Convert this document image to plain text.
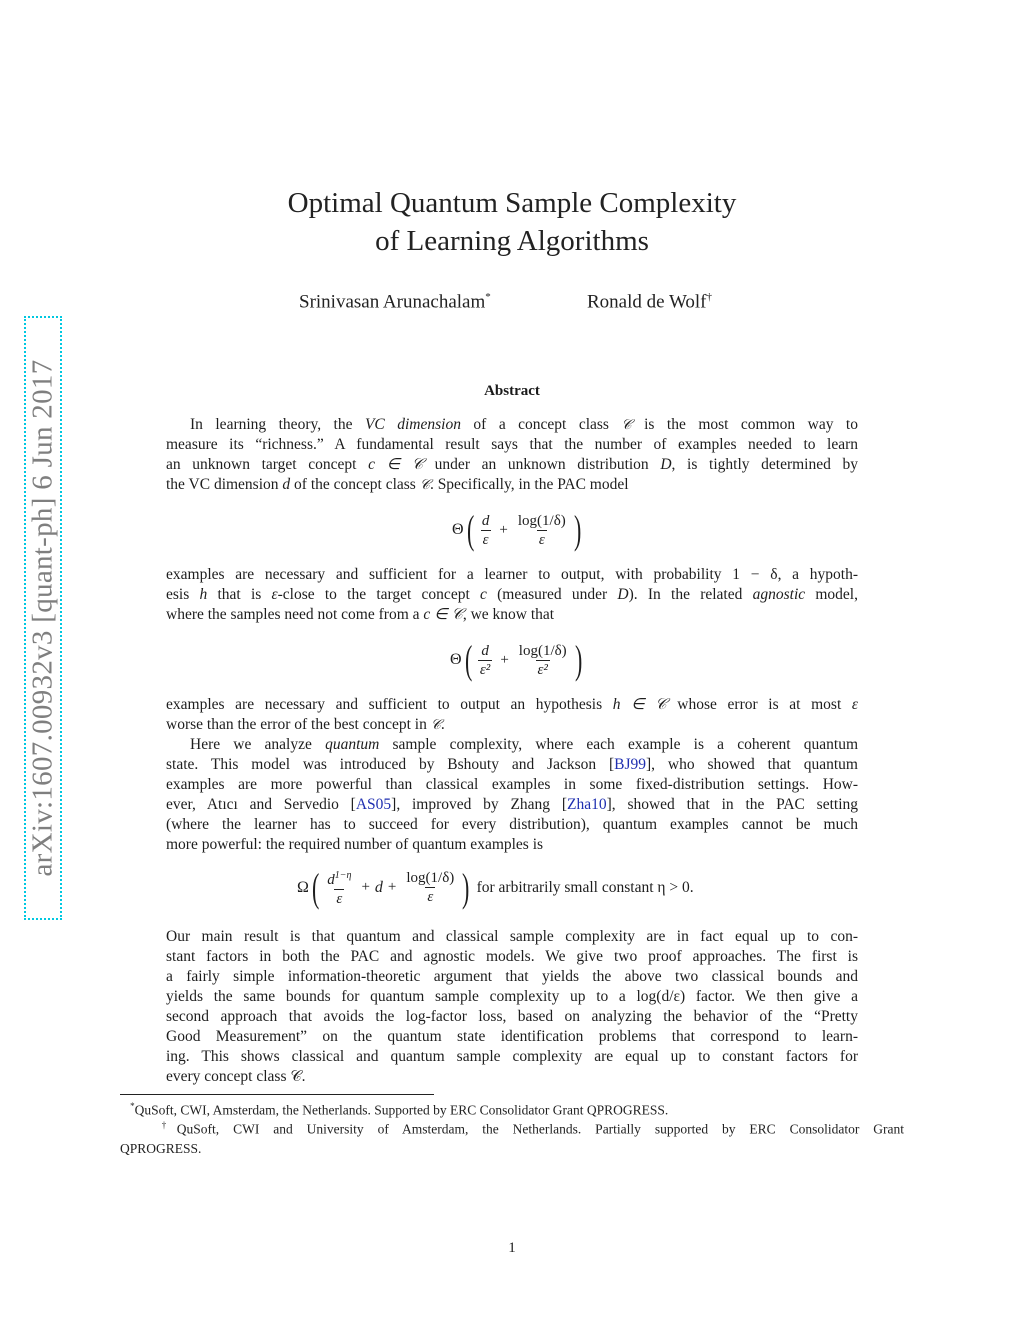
arXiv:1607.00932v3 [quant-ph] 6 Jun 2017
Optimal Quantum Sample Complexity
of Learning Algorithms
Srinivasan Arunachalam*	Ronald de Wolf†
Abstract
In learning theory, the VC dimension of a concept class 𝒞 is the most common way to
measure its “richness.” A fundamental result says that the number of examples needed to learn
an unknown target concept c ∈ 𝒞 under an unknown distribution D, is tightly determined by
the VC dimension d of the concept class 𝒞. Specifically, in the PAC model
Θ ( $\frac{d}{\varepsilon} + \frac{\log(1/\delta)}{\varepsilon}$ )
examples are necessary and sufficient for a learner to output, with probability 1 − δ, a hypoth-
esis h that is ε-close to the target concept c (measured under D). In the related agnostic model,
where the samples need not come from a c ∈ 𝒞, we know that
Θ ( $\frac{d}{\text{ε²}} + \frac{\log(1/\delta)}{\text{ε²}}$ )
examples are necessary and sufficient to output an hypothesis h ∈ 𝒞 whose error is at most ε
worse than the error of the best concept in 𝒞.
Here we analyze quantum sample complexity, where each example is a coherent quantum
state. This model was introduced by Bshouty and Jackson [BJ99], who showed that quantum
examples are more powerful than classical examples in some fixed-distribution settings. How-
ever, Atıcı and Servedio [AS05], improved by Zhang [Zha10], showed that in the PAC setting
(where the learner has to succeed for every distribution), quantum examples cannot be much
more powerful: the required number of quantum examples is
Ω ( $\frac{d^{1-\eta}}{\varepsilon} + d + \frac{\log(1/\delta)}{\varepsilon}$ ) for arbitrarily small constant η > 0.
Our main result is that quantum and classical sample complexity are in fact equal up to con-
stant factors in both the PAC and agnostic models. We give two proof approaches. The first is
a fairly simple information-theoretic argument that yields the above two classical bounds and
yields the same bounds for quantum sample complexity up to a log(d/ε) factor. We then give a
second approach that avoids the log-factor loss, based on analyzing the behavior of the “Pretty
Good Measurement” on the quantum state identification problems that correspond to learn-
ing. This shows classical and quantum sample complexity are equal up to constant factors for
every concept class 𝒞.
*QuSoft, CWI, Amsterdam, the Netherlands. Supported by ERC Consolidator Grant QPROGRESS.
†QuSoft, CWI and University of Amsterdam, the Netherlands. Partially supported by ERC Consolidator Grant
QPROGRESS.
1
